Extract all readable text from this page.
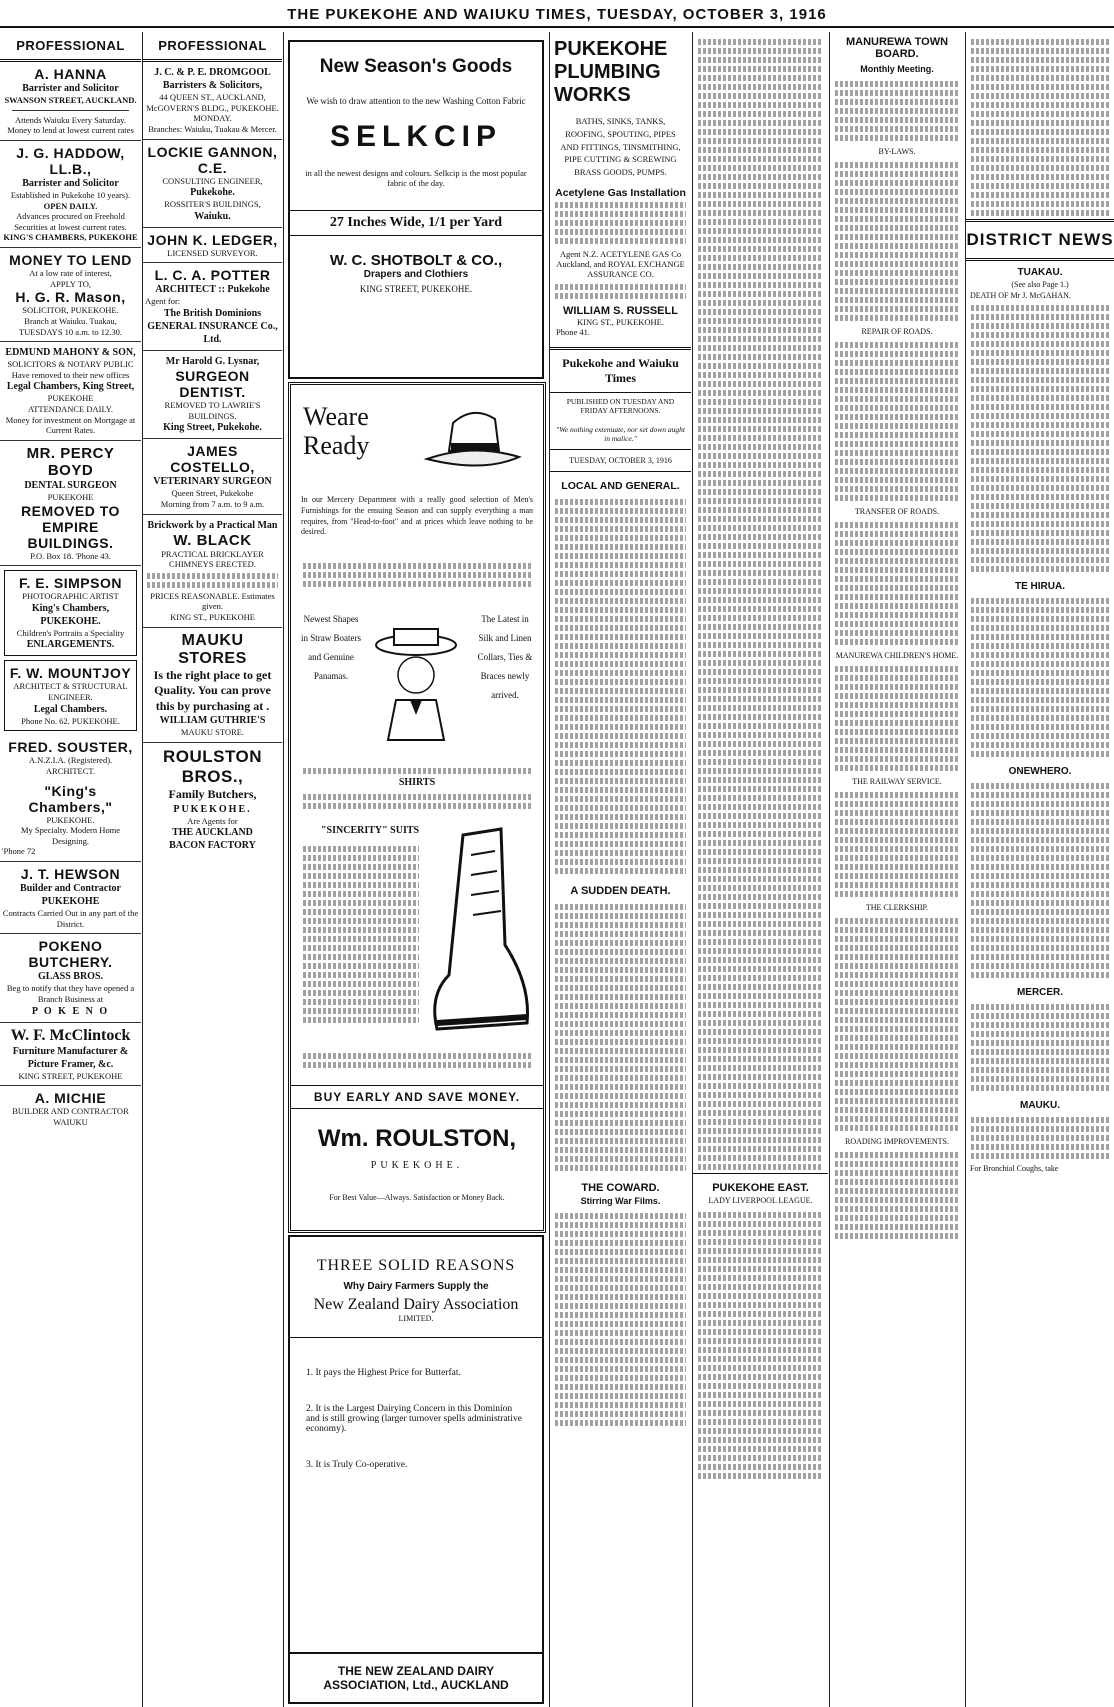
THE PUKEKOHE AND WAIUKU TIMES, TUESDAY, OCTOBER 3, 1916
PROFESSIONAL
A. HANNA
Barrister and Solicitor
SWANSON STREET, AUCKLAND.
Attends Waiuku Every Saturday. Money to lend at lowest current rates
J. G. HADDOW, LL.B.,
Barrister and Solicitor
Established in Pukekohe 10 years).
OPEN DAILY.
Advances procured on Freehold Securities at lowest current rates.
KING'S CHAMBERS, PUKEKOHE
MONEY TO LEND
At a low rate of interest,
APPLY TO,
H. G. R. Mason,
SOLICITOR, PUKEKOHE.
Branch at Waiuku. Tuakau, TUESDAYS 10 a.m. to 12.30.
EDMUND MAHONY & SON,
SOLICITORS & NOTARY PUBLIC
Have removed to their new offices
Legal Chambers, King Street,
PUKEKOHE
ATTENDANCE DAILY.
Money for investment on Mortgage at Current Rates.
MR. PERCY BOYD
DENTAL SURGEON
PUKEKOHE
REMOVED TO
EMPIRE BUILDINGS.
P.O. Box 18. 'Phone 43.
F. E. SIMPSON
PHOTOGRAPHIC ARTIST
King's Chambers,
PUKEKOHE.
Children's Portraits a Speciality
ENLARGEMENTS.
F. W. MOUNTJOY
ARCHITECT & STRUCTURAL ENGINEER.
Legal Chambers.
Phone No. 62. PUKEKOHE.
FRED. SOUSTER,
A.N.Z.I.A. (Registered).
ARCHITECT.
"King's Chambers,"
PUKEKOHE.
My Specialty. Modern Home Designing.
'Phone 72
J. T. HEWSON
Builder and Contractor
PUKEKOHE
Contracts Carried Out in any part of the District.
POKENO BUTCHERY.
GLASS BROS.
Beg to notify that they have opened a Branch Business at
P O K E N O
W. F. McClintock
Furniture Manufacturer & Picture Framer, &c.
KING STREET, PUKEKOHE
A. MICHIE
BUILDER AND CONTRACTOR
WAIUKU
PROFESSIONAL
J. C. & P. E. DROMGOOL
Barristers & Solicitors,
44 QUEEN ST., AUCKLAND,
McGOVERN'S BLDG., PUKEKOHE. MONDAY.
Branches: Waiuku, Tuakau & Mercer.
LOCKIE GANNON, C.E.
CONSULTING ENGINEER,
Pukekohe.
ROSSITER'S BUILDINGS,
Waiuku.
JOHN K. LEDGER,
LICENSED SURVEYOR.
L. C. A. POTTER
ARCHITECT :: Pukekohe
Agent for:
The British Dominions GENERAL INSURANCE Co., Ltd.
Mr Harold G. Lysnar,
SURGEON DENTIST.
REMOVED TO LAWRIE'S BUILDINGS.
King Street, Pukekohe.
JAMES COSTELLO,
VETERINARY SURGEON
Queen Street, Pukekohe
Morning from 7 a.m. to 9 a.m.
Brickwork by a Practical Man
W. BLACK
PRACTICAL BRICKLAYER
CHIMNEYS ERECTED.
PRICES REASONABLE. Estimates given.
KING ST., PUKEKOHE
MAUKU STORES
Is the right place to get Quality. You can prove this by purchasing at .
WILLIAM GUTHRIE'S
MAUKU STORE.
ROULSTON BROS.,
Family Butchers,
PUKEKOHE.
Are Agents for
THE AUCKLAND
BACON FACTORY
New Season's Goods
We wish to draw attention to the new Washing Cotton Fabric
SELKCIP
in all the newest designs and colours. Selkcip is the most popular fabric of the day.
27 Inches Wide, 1/1 per Yard
W. C. SHOTBOLT & CO.,
Drapers and Clothiers
KING STREET, PUKEKOHE.
Weare Ready
In our Mercery Department with a really good selection of Men's Furnishings for the ensuing Season and can supply everything a man requires, from "Head-to-foot" and at prices which leave nothing to be desired.
Newest Shapes in Straw Boaters and Genuine Panamas.
The Latest in Silk and Linen Collars, Ties & Braces newly arrived.
SHIRTS
"SINCERITY" SUITS
BUY EARLY AND SAVE MONEY.
Wm. ROULSTON,
PUKEKOHE.
For Best Value—Always. Satisfaction or Money Back.
THREE SOLID REASONS
Why Dairy Farmers Supply the
New Zealand Dairy Association
LIMITED.
1. It pays the Highest Price for Butterfat.
2. It is the Largest Dairying Concern in this Dominion and is still growing (larger turnover spells administrative economy).
3. It is Truly Co-operative.
THE NEW ZEALAND DAIRY ASSOCIATION, Ltd., AUCKLAND
PUKEKOHE PLUMBING WORKS
BATHS, SINKS, TANKS, ROOFING, SPOUTING, PIPES AND FITTINGS, TINSMITHING, PIPE CUTTING & SCREWING BRASS GOODS, PUMPS.
Acetylene Gas Installation
Agent N.Z. ACETYLENE GAS Co Auckland, and ROYAL EXCHANGE ASSURANCE CO.
WILLIAM S. RUSSELL
KING ST., PUKEKOHE.
Phone 41.
Pukekohe and Waiuku Times
PUBLISHED ON TUESDAY AND FRIDAY AFTERNOONS.
"We nothing extenuate, nor set down aught in malice."
TUESDAY, OCTOBER 3, 1916
LOCAL AND GENERAL.
A SUDDEN DEATH.
THE COWARD.
Stirring War Films.
PUKEKOHE EAST.
LADY LIVERPOOL LEAGUE.
MANUREWA TOWN BOARD.
Monthly Meeting.
BY-LAWS.
REPAIR OF ROADS.
TRANSFER OF ROADS.
MANUREWA CHILDREN'S HOME.
THE RAILWAY SERVICE.
THE CLERKSHIP.
ROADING IMPROVEMENTS.
DISTRICT NEWS
TUAKAU.
(See also Page 1.)
DEATH OF Mr J. McGAHAN.
TE HIRUA.
ONEWHERO.
MERCER.
MAUKU.
For Bronchial Coughs, take
